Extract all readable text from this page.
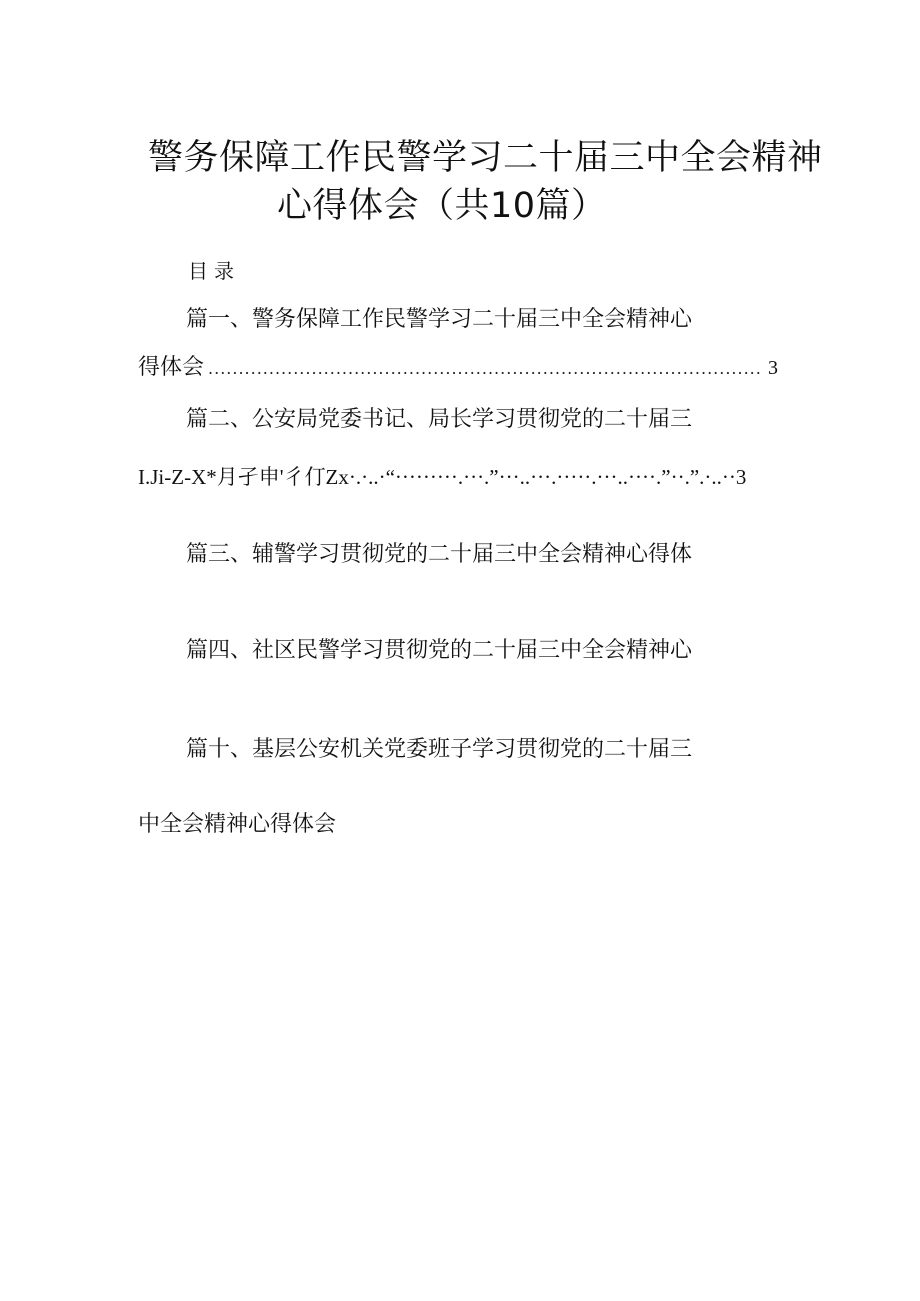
警务保障工作民警学习二十届三中全会精神
心得体会（共10篇）
目录
篇一、警务保障工作民警学习二十届三中全会精神心
得体会 ........................................................................................... 3
篇二、公安局党委书记、局长学习贯彻党的二十届三
I.Ji-Z-X*月孑申'彳仃Zx·.·..·“·········.···.”···..···.·····.···..····.”··.”.·..··3
篇三、辅警学习贯彻党的二十届三中全会精神心得体
篇四、社区民警学习贯彻党的二十届三中全会精神心
篇十、基层公安机关党委班子学习贯彻党的二十届三
中全会精神心得体会
